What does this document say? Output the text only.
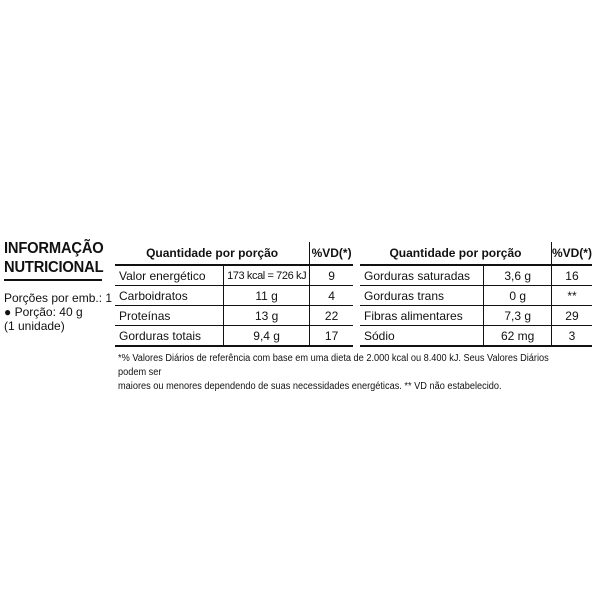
INFORMAÇÃO
NUTRICIONAL
Porções por emb.: 1
● Porção: 40 g
(1 unidade)
Quantidade por porção		%VD(*)
Valor energético	173 kcal = 726 kJ	9
Carboidratos	11 g	4
Proteínas	13 g	22
Gorduras totais	9,4 g	17
Quantidade por porção		%VD(*)
Gorduras saturadas	3,6 g	16
Gorduras trans	0 g	**
Fibras alimentares	7,3 g	29
Sódio	62 mg	3
*% Valores Diários de referência com base em uma dieta de 2.000 kcal ou 8.400 kJ. Seus Valores Diários podem ser
maiores ou menores dependendo de suas necessidades energéticas. ** VD não estabelecido.
